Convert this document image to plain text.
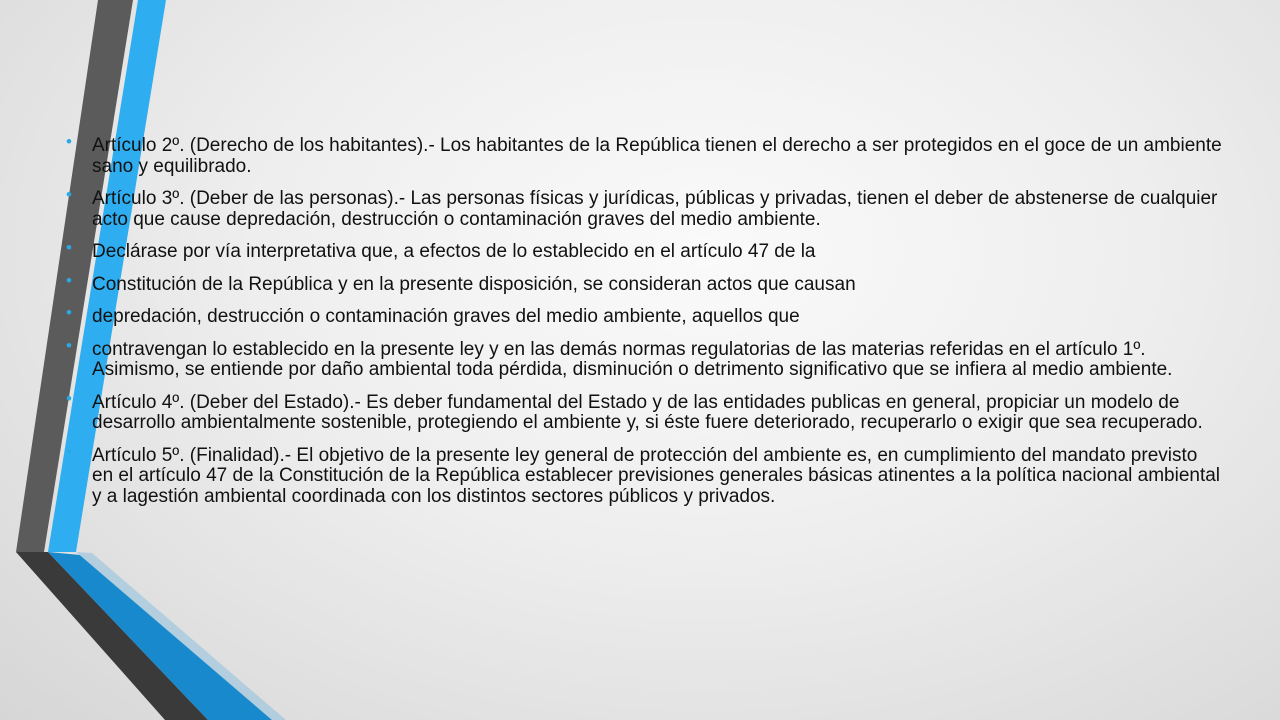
• Artículo 2º. (Derecho de los habitantes).- Los habitantes de la República tienen el derecho a ser protegidos en el goce de un ambiente sano y equilibrado.
• Artículo 3º. (Deber de las personas).- Las personas físicas y jurídicas, públicas y privadas, tienen el deber de abstenerse de cualquier acto que cause depredación, destrucción o contaminación graves del medio ambiente.
• Declárase por vía interpretativa que, a efectos de lo establecido en el artículo 47 de la
• Constitución de la República y en la presente disposición, se consideran actos que causan
• depredación, destrucción o contaminación graves del medio ambiente, aquellos que
• contravengan lo establecido en la presente ley y en las demás normas regulatorias de las materias referidas en el artículo 1º. Asimismo, se entiende por daño ambiental toda pérdida, disminución o detrimento significativo que se infiera al medio ambiente.
• Artículo 4º. (Deber del Estado).- Es deber fundamental del Estado y de las entidades publicas en general, propiciar un modelo de desarrollo ambientalmente sostenible, protegiendo el ambiente y, si éste fuere deteriorado, recuperarlo o exigir que sea recuperado.
• Artículo 5º. (Finalidad).- El objetivo de la presente ley general de protección del ambiente es, en cumplimiento del mandato previsto en el artículo 47 de la Constitución de la República establecer previsiones generales básicas atinentes a la política nacional ambiental y a lagestión ambiental coordinada con los distintos sectores públicos y privados.
